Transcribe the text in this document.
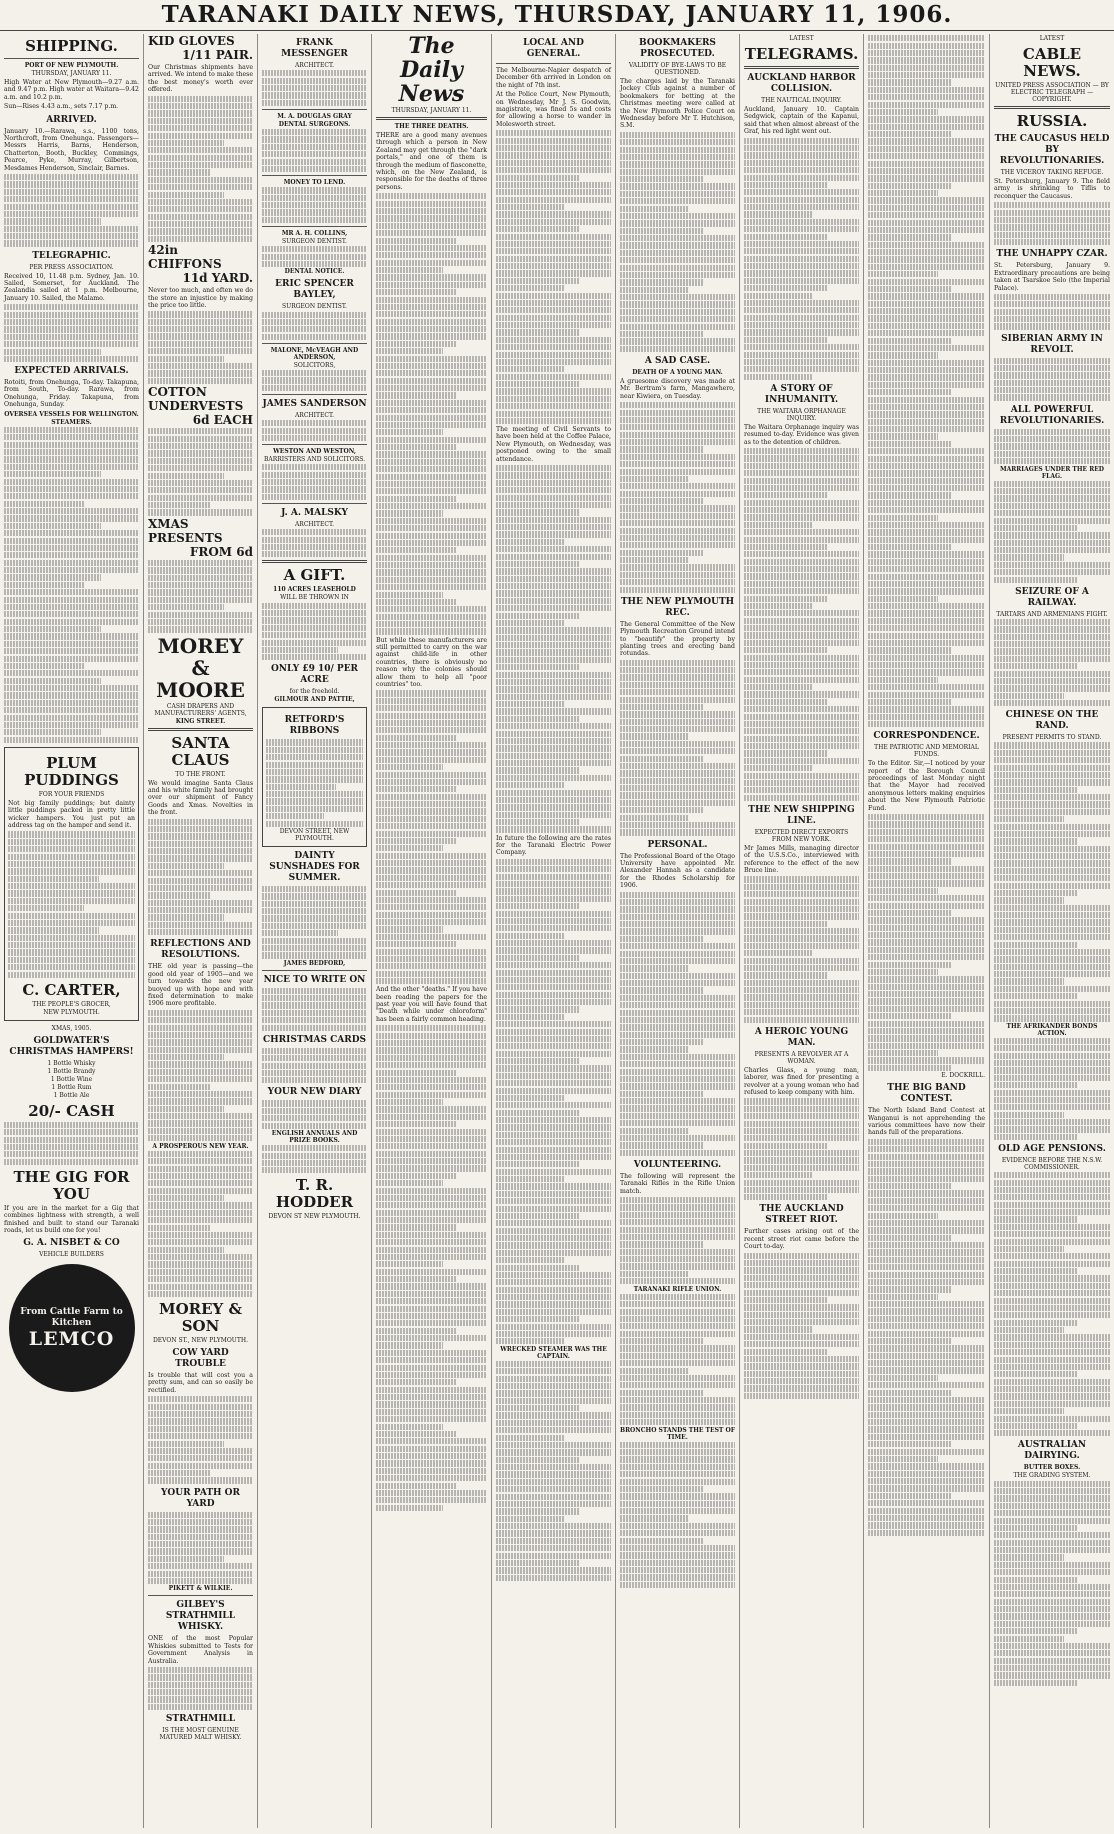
TARANAKI DAILY NEWS, THURSDAY, JANUARY 11, 1906.
SHIPPING.
PORT OF NEW PLYMOUTH.
THURSDAY, JANUARY 11.
High Water at New Plymouth—9.27 a.m. and 9.47 p.m. High water at Waitara—9.42 a.m. and 10.2 p.m.
Sun—Rises 4.43 a.m., sets 7.17 p.m.
ARRIVED.
January 10.—Rarawa, s.s., 1100 tons, Northcroft, from Onehunga. Passengers—Messrs Harris, Barns, Henderson, Chatterton, Booth, Buckley, Commings, Pearce, Pyke, Murray, Gilbertson, Mesdames Henderson, Sinclair, Barnes.
TELEGRAPHIC.
PER PRESS ASSOCIATION.
Received 10, 11.48 p.m. Sydney, Jan. 10. Sailed, Somerset, for Auckland. The Zealandia sailed at 1 p.m. Melbourne, January 10. Sailed, the Malamo.
EXPECTED ARRIVALS.
Rotoiti, from Onehunga, To-day. Takapuna, from South, To-day. Rarawa, from Onehunga, Friday. Takapuna, from Onehunga, Sunday.
OVERSEA VESSELS FOR WELLINGTON.
STEAMERS.
PLUM PUDDINGS
FOR YOUR FRIENDS
Not big family puddings; but dainty little puddings packed in pretty little wicker hampers. You just put an address tag on the hamper and send it.
C. CARTER,
THE PEOPLE'S GROCER,
NEW PLYMOUTH.
XMAS, 1905.
GOLDWATER'S CHRISTMAS HAMPERS!
1 Bottle Whisky
1 Bottle Brandy
1 Bottle Wine
1 Bottle Rum
1 Bottle Ale
20/- CASH
THE GIG FOR YOU
If you are in the market for a Gig that combines lightness with strength, a well finished and built to stand our Taranaki roads, let us build one for you!
G. A. NISBET & CO
VEHICLE BUILDERS
From Cattle Farm to Kitchen
LEMCO
KID GLOVES
1/11 PAIR.
Our Christmas shipments have arrived. We intend to make these the best money's worth ever offered.
42in CHIFFONS
11d YARD.
Never too much, and often we do the store an injustice by making the price too little.
COTTON UNDERVESTS
6d EACH
XMAS PRESENTS
FROM 6d
MOREY & MOORE
CASH DRAPERS AND MANUFACTURERS' AGENTS,
KING STREET.
SANTA CLAUS
TO THE FRONT.
We would imagine Santa Claus and his white family had brought over our shipment of Fancy Goods and Xmas. Novelties in the front.
REFLECTIONS AND RESOLUTIONS.
THE old year is passing—the good old year of 1905—and we turn towards the new year buoyed up with hope and with fixed determination to make 1906 more profitable.
A PROSPEROUS NEW YEAR.
MOREY & SON
DEVON ST., NEW PLYMOUTH.
COW YARD TROUBLE
Is trouble that will cost you a pretty sum, and can so easily be rectified.
YOUR PATH OR YARD
PIKETT & WILKIE.
GILBEY'S STRATHMILL WHISKY.
ONE of the most Popular Whiskies submitted to Tests for Government Analysis in Australia.
STRATHMILL
IS THE MOST GENUINE MATURED MALT WHISKY.
FRANK MESSENGER
ARCHITECT.
M. A. DOUGLAS GRAY
DENTAL SURGEONS.
MONEY TO LEND.
MR A. H. COLLINS,
SURGEON DENTIST.
DENTAL NOTICE.
ERIC SPENCER BAYLEY,
SURGEON DENTIST.
MALONE, McVEAGH AND ANDERSON,
SOLICITORS,
JAMES SANDERSON
ARCHITECT.
WESTON AND WESTON,
BARRISTERS AND SOLICITORS.
J. A. MALSKY
ARCHITECT.
A GIFT.
110 ACRES LEASEHOLD
WILL BE THROWN IN
ONLY £9 10/ PER ACRE
for the freehold.
GILMOUR AND PATTIE,
RETFORD'S RIBBONS
DEVON STREET, NEW PLYMOUTH.
DAINTY SUNSHADES FOR SUMMER.
JAMES BEDFORD,
NICE TO WRITE ON
CHRISTMAS CARDS
YOUR NEW DIARY
ENGLISH ANNUALS AND PRIZE BOOKS.
T. R. HODDER
DEVON ST NEW PLYMOUTH.
The Daily News
THURSDAY, JANUARY 11.
THE THREE DEATHS.
THERE are a good many avenues through which a person in New Zealand may get through the "dark portals," and one of them is through the medium of fiasconette, which, on the New Zealand, is responsible for the deaths of three persons.
But while these manufacturers are still permitted to carry on the war against child-life in other countries, there is obviously no reason why the colonies should allow them to help all "poor countries" too.
And the other "deaths." If you have been reading the papers for the past year you will have found that "Death while under chloroform" has been a fairly common heading.
LOCAL AND GENERAL.
The Melbourne-Napier despatch of December 6th arrived in London on the night of 7th inst.
At the Police Court, New Plymouth, on Wednesday, Mr J. S. Goodwin, magistrate, was fined 5s and costs for allowing a horse to wander in Molesworth street.
The meeting of Civil Servants to have been held at the Coffee Palace, New Plymouth, on Wednesday, was postponed owing to the small attendance.
In future the following are the rates for the Taranaki Electric Power Company.
WRECKED STEAMER WAS THE CAPTAIN.
BOOKMAKERS PROSECUTED.
VALIDITY OF BYE-LAWS TO BE QUESTIONED.
The charges laid by the Taranaki Jockey Club against a number of bookmakers for betting at the Christmas meeting were called at the New Plymouth Police Court on Wednesday before Mr T. Hutchison, S.M.
A SAD CASE.
DEATH OF A YOUNG MAN.
A gruesome discovery was made at Mr. Bertram's farm, Mangawhero, near Kiwiera, on Tuesday.
THE NEW PLYMOUTH REC.
The General Committee of the New Plymouth Recreation Ground intend to "beautify" the property by planting trees and erecting band rotundas.
PERSONAL.
The Professional Board of the Otago University have appointed Mr. Alexander Hannah as a candidate for the Rhodes Scholarship for 1906.
VOLUNTEERING.
The following will represent the Taranaki Rifles in the Rifle Union match.
TARANAKI RIFLE UNION.
BRONCHO STANDS THE TEST OF TIME.
LATEST
TELEGRAMS.
AUCKLAND HARBOR COLLISION.
THE NAUTICAL INQUIRY.
Auckland, January 10. Captain Sedgwick, captain of the Kapanui, said that when almost abreast of the Graf, his red light went out.
A STORY OF INHUMANITY.
THE WAITARA ORPHANAGE INQUIRY.
The Waitara Orphanage inquiry was resumed to-day. Evidence was given as to the detention of children.
THE NEW SHIPPING LINE.
EXPECTED DIRECT EXPORTS FROM NEW YORK.
Mr James Mills, managing director of the U.S.S.Co., interviewed with reference to the effect of the new Bruce line.
A HEROIC YOUNG MAN.
PRESENTS A REVOLVER AT A WOMAN.
Charles Glass, a young man, laborer, was fined for presenting a revolver at a young woman who had refused to keep company with him.
THE AUCKLAND STREET RIOT.
Further cases arising out of the recent street riot came before the Court to-day.
CORRESPONDENCE.
THE PATRIOTIC AND MEMORIAL FUNDS.
To the Editor. Sir,—I noticed by your report of the Borough Council proceedings of last Monday night that the Mayor had received anonymous letters making enquiries about the New Plymouth Patriotic Fund.
E. DOCKRILL.
THE BIG BAND CONTEST.
The North Island Band Contest at Wanganui is not apprehending the various committees have now their hands full of the preparations.
LATEST
CABLE NEWS.
UNITED PRESS ASSOCIATION — BY ELECTRIC TELEGRAPH — COPYRIGHT.
RUSSIA.
THE CAUCASUS HELD BY REVOLUTIONARIES.
THE VICEROY TAKING REFUGE.
St. Petersburg, January 9. The field army is shrinking to Tiflis to reconquer the Caucasus.
THE UNHAPPY CZAR.
St. Petersburg, January 9. Extraordinary precautions are being taken at Tsarskoe Selo (the Imperial Palace).
SIBERIAN ARMY IN REVOLT.
ALL POWERFUL REVOLUTIONARIES.
MARRIAGES UNDER THE RED FLAG.
SEIZURE OF A RAILWAY.
TARTARS AND ARMENIANS FIGHT.
CHINESE ON THE RAND.
PRESENT PERMITS TO STAND.
THE AFRIKANDER BONDS ACTION.
OLD AGE PENSIONS.
EVIDENCE BEFORE THE N.S.W. COMMISSIONER.
AUSTRALIAN DAIRYING.
BUTTER BOXES.
THE GRADING SYSTEM.
